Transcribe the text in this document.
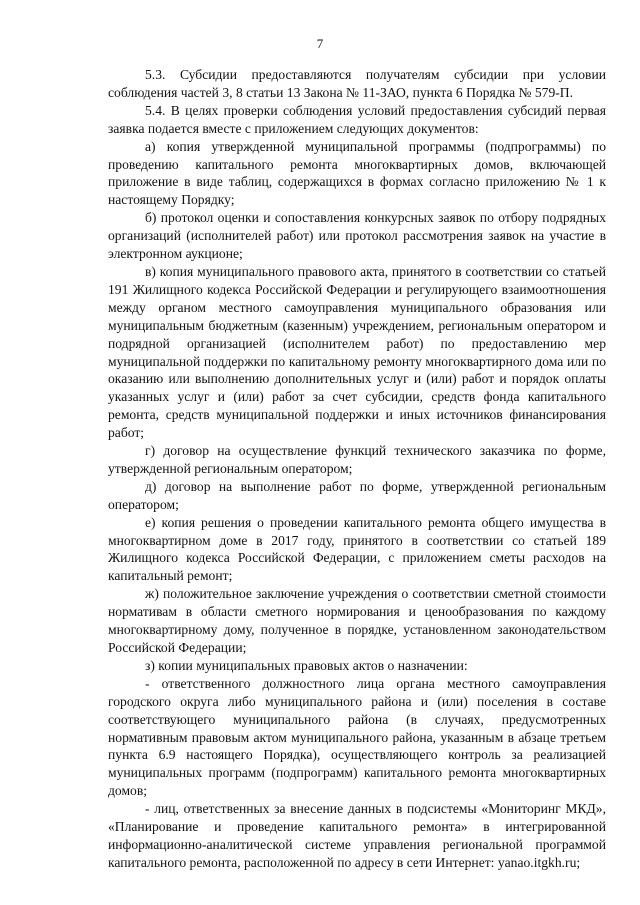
7

5.3. Субсидии предоставляются получателям субсидии при условии соблюдения частей 3, 8 статьи 13 Закона № 11-ЗАО, пункта 6 Порядка № 579-П.

5.4. В целях проверки соблюдения условий предоставления субсидий первая заявка подается вместе с приложением следующих документов:

а) копия утвержденной муниципальной программы (подпрограммы) по проведению капитального ремонта многоквартирных домов, включающей приложение в виде таблиц, содержащихся в формах согласно приложению № 1 к настоящему Порядку;

б) протокол оценки и сопоставления конкурсных заявок по отбору подрядных организаций (исполнителей работ) или протокол рассмотрения заявок на участие в электронном аукционе;

в) копия муниципального правового акта, принятого в соответствии со статьей 191 Жилищного кодекса Российской Федерации и регулирующего взаимоотношения между органом местного самоуправления муниципального образования или муниципальным бюджетным (казенным) учреждением, региональным оператором и подрядной организацией (исполнителем работ) по предоставлению мер муниципальной поддержки по капитальному ремонту многоквартирного дома или по оказанию или выполнению дополнительных услуг и (или) работ и порядок оплаты указанных услуг и (или) работ за счет субсидии, средств фонда капитального ремонта, средств муниципальной поддержки и иных источников финансирования работ;

г) договор на осуществление функций технического заказчика по форме, утвержденной региональным оператором;

д) договор на выполнение работ по форме, утвержденной региональным оператором;

е) копия решения о проведении капитального ремонта общего имущества в многоквартирном доме в 2017 году, принятого в соответствии со статьей 189 Жилищного кодекса Российской Федерации, с приложением сметы расходов на капитальный ремонт;

ж) положительное заключение учреждения о соответствии сметной стоимости нормативам в области сметного нормирования и ценообразования по каждому многоквартирному дому, полученное в порядке, установленном законодательством Российской Федерации;

з) копии муниципальных правовых актов о назначении:

- ответственного должностного лица органа местного самоуправления городского округа либо муниципального района и (или) поселения в составе соответствующего муниципального района (в случаях, предусмотренных нормативным правовым актом муниципального района, указанным в абзаце третьем пункта 6.9 настоящего Порядка), осуществляющего контроль за реализацией муниципальных программ (подпрограмм) капитального ремонта многоквартирных домов;

- лиц, ответственных за внесение данных в подсистемы «Мониторинг МКД», «Планирование и проведение капитального ремонта» в интегрированной информационно-аналитической системе управления региональной программой капитального ремонта, расположенной по адресу в сети Интернет: yanao.itgkh.ru;
